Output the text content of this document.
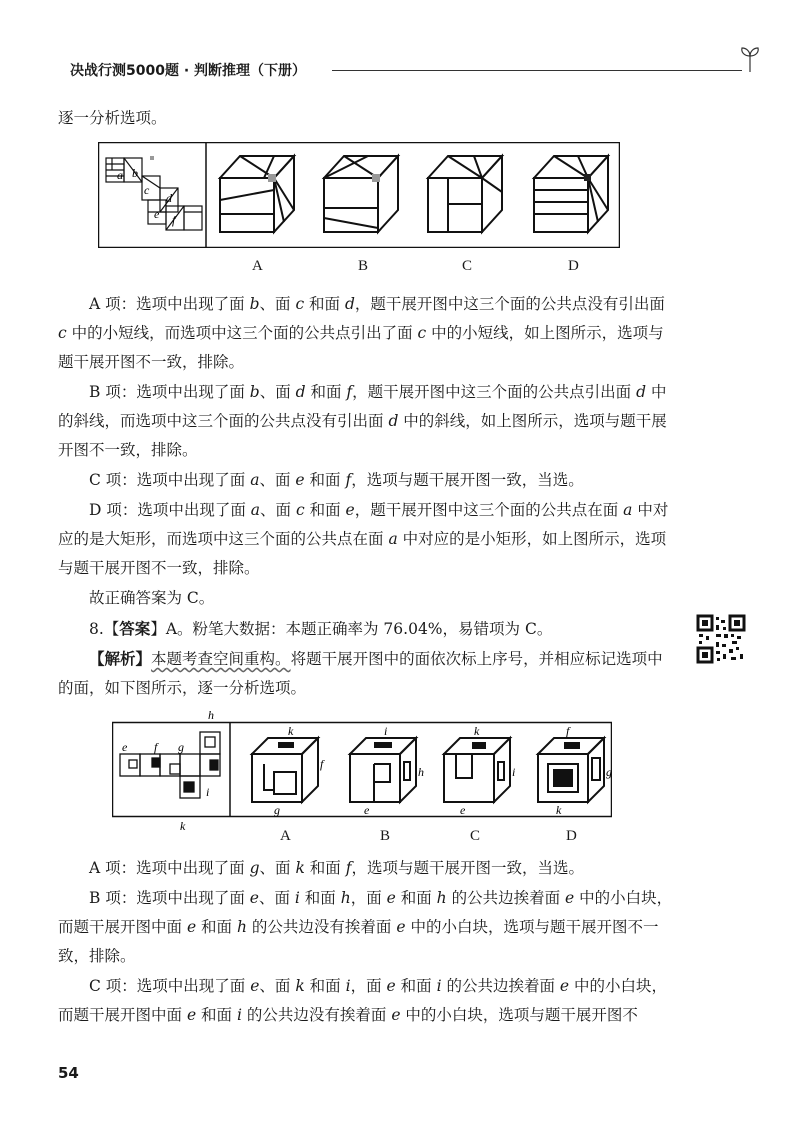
决战行测5000题 · 判断推理（下册）

逐一分析选项。

a b
c
d
e f
A	B	C	D

A 项：选项中出现了面 b、面 c 和面 d，题干展开图中这三个面的公共点没有引出面 c 中的小短线，而选项中这三个面的公共点引出了面 c 中的小短线，如上图所示，选项与题干展开图不一致，排除。

B 项：选项中出现了面 b、面 d 和面 f，题干展开图中这三个面的公共点引出面 d 中的斜线，而选项中这三个面的公共点没有引出面 d 中的斜线，如上图所示，选项与题干展开图不一致，排除。

C 项：选项中出现了面 a、面 e 和面 f，选项与题干展开图一致，当选。

D 项：选项中出现了面 a、面 c 和面 e，题干展开图中这三个面的公共点在面 a 中对应的是大矩形，而选项中这三个面的公共点在面 a 中对应的是小矩形，如上图所示，选项与题干展开图不一致，排除。

故正确答案为 C。

8.【答案】A。粉笔大数据：本题正确率为 76.04%，易错项为 C。

【解析】本题考查空间重构。将题干展开图中的面依次标上序号，并相应标记选项中的面，如下图所示，逐一分析选项。

h
e f g
i
k
k
f
g
i
h
e
k
i
e
f
g
k
A	B	C	D

A 项：选项中出现了面 g、面 k 和面 f，选项与题干展开图一致，当选。

B 项：选项中出现了面 e、面 i 和面 h，面 e 和面 h 的公共边挨着面 e 中的小白块，而题干展开图中面 e 和面 h 的公共边没有挨着面 e 中的小白块，选项与题干展开图不一致，排除。

C 项：选项中出现了面 e、面 k 和面 i，面 e 和面 i 的公共边挨着面 e 中的小白块，而题干展开图中面 e 和面 i 的公共边没有挨着面 e 中的小白块，选项与题干展开图不

54
